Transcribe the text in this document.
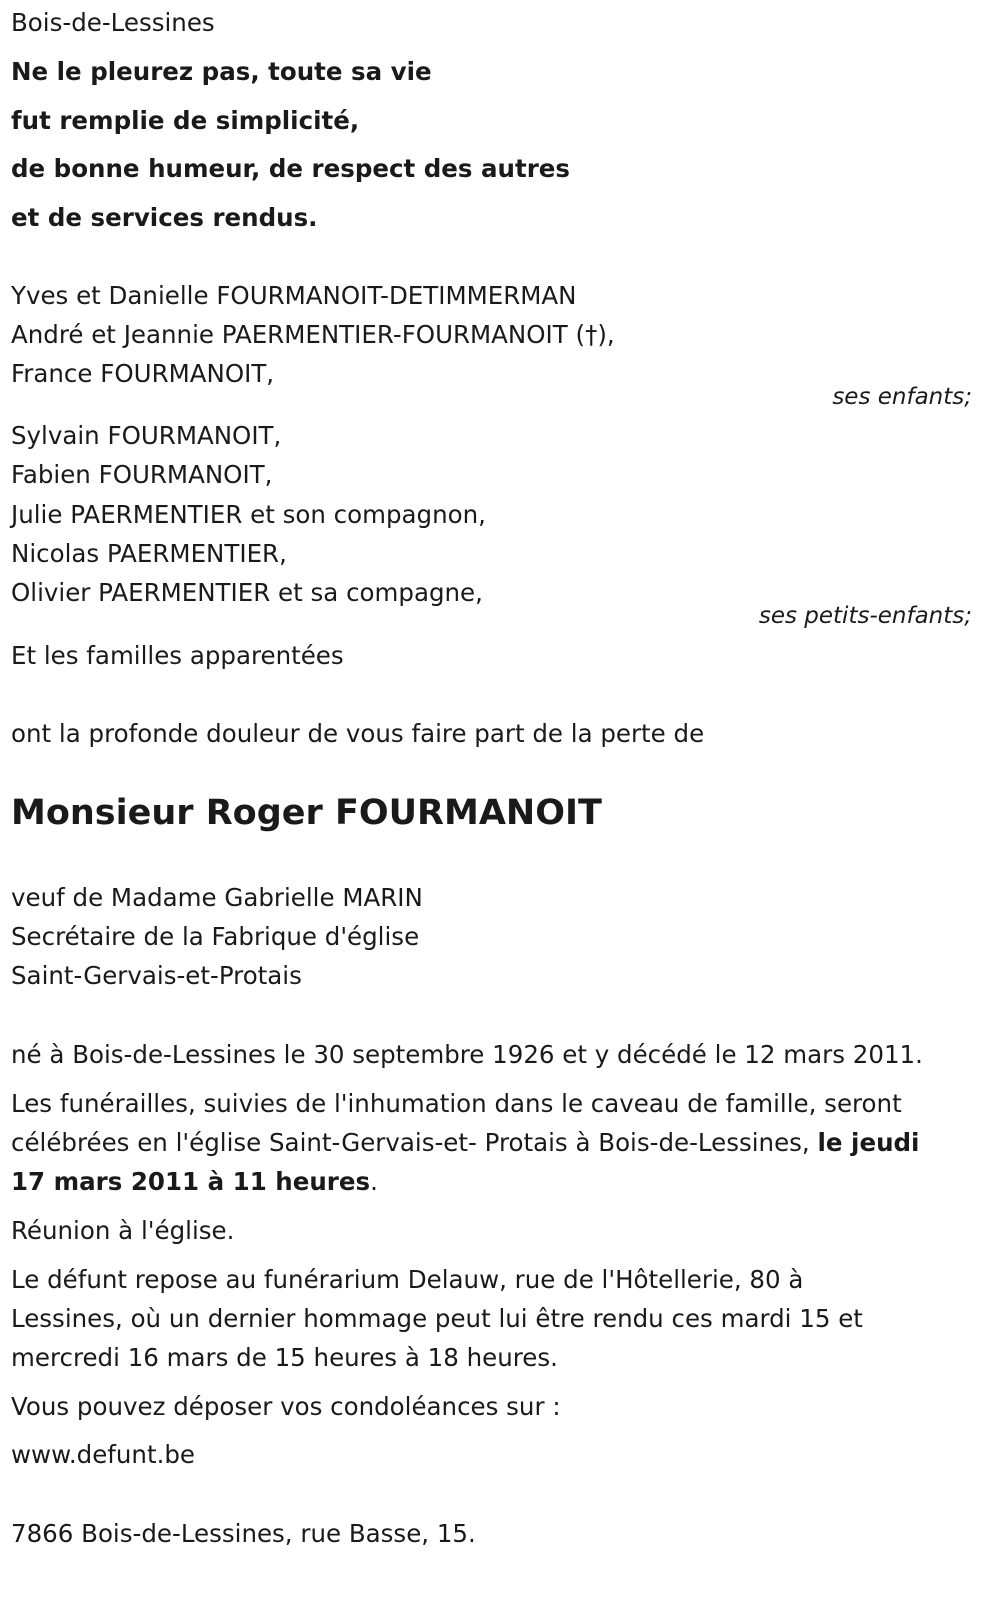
Bois-de-Lessines
Ne le pleurez pas, toute sa vie
fut remplie de simplicité,
de bonne humeur, de respect des autres
et de services rendus.
Yves et Danielle FOURMANOIT-DETIMMERMAN
André et Jeannie PAERMENTIER-FOURMANOIT (†),
France FOURMANOIT,
ses enfants;
Sylvain FOURMANOIT,
Fabien FOURMANOIT,
Julie PAERMENTIER et son compagnon,
Nicolas PAERMENTIER,
Olivier PAERMENTIER et sa compagne,
ses petits-enfants;
Et les familles apparentées
ont la profonde douleur de vous faire part de la perte de
Monsieur Roger FOURMANOIT
veuf de Madame Gabrielle MARIN
Secrétaire de la Fabrique d'église
Saint-Gervais-et-Protais
né à Bois-de-Lessines le 30 septembre 1926 et y décédé le 12 mars 2011.
Les funérailles, suivies de l'inhumation dans le caveau de famille, seront
célébrées en l'église Saint-Gervais-et- Protais à Bois-de-Lessines, le jeudi
17 mars 2011 à 11 heures.
Réunion à l'église.
Le défunt repose au funérarium Delauw, rue de l'Hôtellerie, 80 à
Lessines, où un dernier hommage peut lui être rendu ces mardi 15 et
mercredi 16 mars de 15 heures à 18 heures.
Vous pouvez déposer vos condoléances sur :
www.defunt.be
7866 Bois-de-Lessines, rue Basse, 15.
